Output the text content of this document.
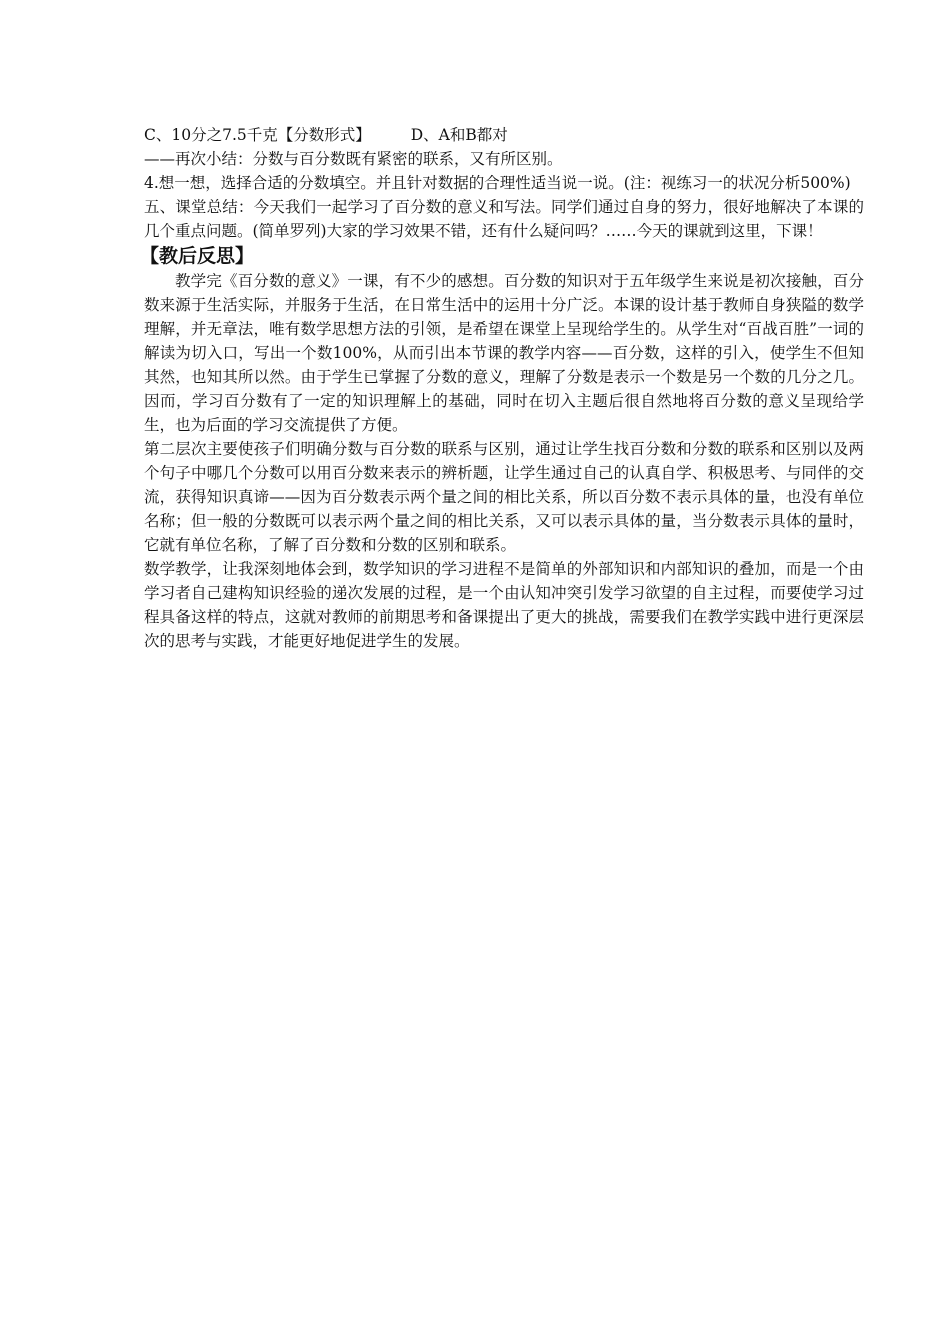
C、10分之7.5千克【分数形式】	D、A和B都对

——再次小结：分数与百分数既有紧密的联系，又有所区别。

4.想一想，选择合适的分数填空。并且针对数据的合理性适当说一说。(注：视练习一的状况分析500%)

五、课堂总结：今天我们一起学习了百分数的意义和写法。同学们通过自身的努力，很好地解决了本课的几个重点问题。(简单罗列)大家的学习效果不错，还有什么疑问吗？……今天的课就到这里，下课！

【教后反思】

教学完《百分数的意义》一课，有不少的感想。百分数的知识对于五年级学生来说是初次接触，百分数来源于生活实际，并服务于生活，在日常生活中的运用十分广泛。本课的设计基于教师自身狭隘的数学理解，并无章法，唯有数学思想方法的引领，是希望在课堂上呈现给学生的。从学生对“百战百胜”一词的解读为切入口，写出一个数100%，从而引出本节课的教学内容——百分数，这样的引入，使学生不但知其然，也知其所以然。由于学生已掌握了分数的意义，理解了分数是表示一个数是另一个数的几分之几。因而，学习百分数有了一定的知识理解上的基础，同时在切入主题后很自然地将百分数的意义呈现给学生，也为后面的学习交流提供了方便。

第二层次主要使孩子们明确分数与百分数的联系与区别，通过让学生找百分数和分数的联系和区别以及两个句子中哪几个分数可以用百分数来表示的辨析题，让学生通过自己的认真自学、积极思考、与同伴的交流，获得知识真谛——因为百分数表示两个量之间的相比关系，所以百分数不表示具体的量，也没有单位名称；但一般的分数既可以表示两个量之间的相比关系，又可以表示具体的量，当分数表示具体的量时，它就有单位名称，了解了百分数和分数的区别和联系。

数学教学，让我深刻地体会到，数学知识的学习进程不是简单的外部知识和内部知识的叠加，而是一个由学习者自己建构知识经验的递次发展的过程，是一个由认知冲突引发学习欲望的自主过程，而要使学习过程具备这样的特点，这就对教师的前期思考和备课提出了更大的挑战，需要我们在教学实践中进行更深层次的思考与实践，才能更好地促进学生的发展。
